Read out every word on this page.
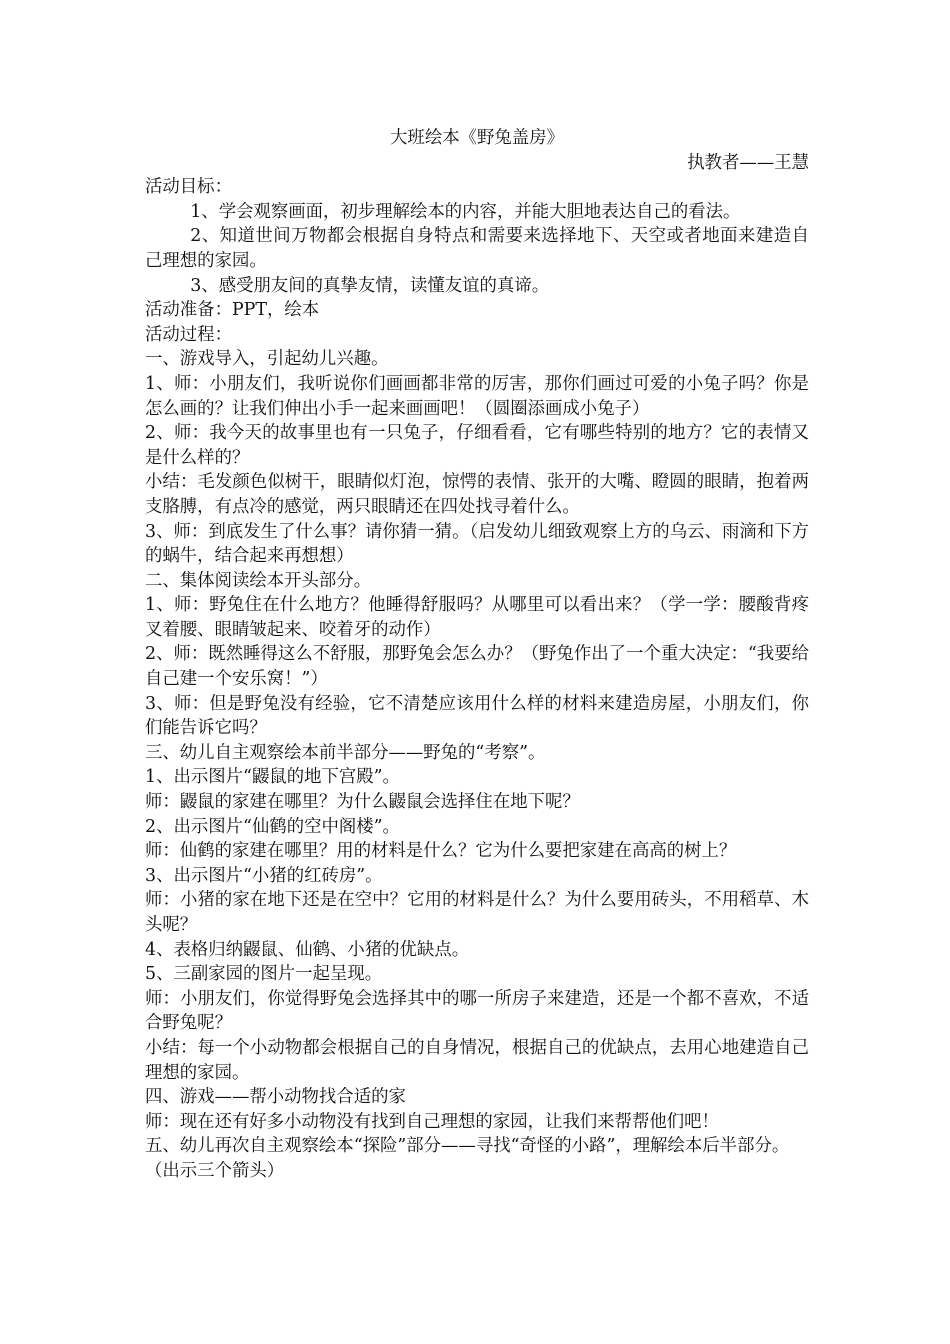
大班绘本《野兔盖房》
执教者——王慧
活动目标：
1、学会观察画面，初步理解绘本的内容，并能大胆地表达自己的看法。
2、知道世间万物都会根据自身特点和需要来选择地下、天空或者地面来建造自己理想的家园。
3、感受朋友间的真挚友情，读懂友谊的真谛。
活动准备：PPT，绘本
活动过程：
一、游戏导入，引起幼儿兴趣。
1、师：小朋友们，我听说你们画画都非常的厉害，那你们画过可爱的小兔子吗？你是怎么画的？让我们伸出小手一起来画画吧！（圆圈添画成小兔子）
2、师：我今天的故事里也有一只兔子，仔细看看，它有哪些特别的地方？它的表情又是什么样的？
小结：毛发颜色似树干，眼睛似灯泡，惊愕的表情、张开的大嘴、瞪圆的眼睛，抱着两支胳膊，有点冷的感觉，两只眼睛还在四处找寻着什么。
3、师：到底发生了什么事？请你猜一猜。（启发幼儿细致观察上方的乌云、雨滴和下方的蜗牛，结合起来再想想）
二、集体阅读绘本开头部分。
1、师：野兔住在什么地方？他睡得舒服吗？从哪里可以看出来？（学一学：腰酸背疼叉着腰、眼睛皱起来、咬着牙的动作）
2、师：既然睡得这么不舒服，那野兔会怎么办？（野兔作出了一个重大决定：“我要给自己建一个安乐窝！”）
3、师：但是野兔没有经验，它不清楚应该用什么样的材料来建造房屋，小朋友们，你们能告诉它吗？
三、幼儿自主观察绘本前半部分——野兔的“考察”。
1、出示图片“鼹鼠的地下宫殿”。
师：鼹鼠的家建在哪里？为什么鼹鼠会选择住在地下呢？
2、出示图片“仙鹤的空中阁楼”。
师：仙鹤的家建在哪里？用的材料是什么？它为什么要把家建在高高的树上？
3、出示图片“小猪的红砖房”。
师：小猪的家在地下还是在空中？它用的材料是什么？为什么要用砖头，不用稻草、木头呢？
4、表格归纳鼹鼠、仙鹤、小猪的优缺点。
5、三副家园的图片一起呈现。
师：小朋友们，你觉得野兔会选择其中的哪一所房子来建造，还是一个都不喜欢，不适合野兔呢？
小结：每一个小动物都会根据自己的自身情况，根据自己的优缺点，去用心地建造自己理想的家园。
四、游戏——帮小动物找合适的家
师：现在还有好多小动物没有找到自己理想的家园，让我们来帮帮他们吧！
五、幼儿再次自主观察绘本“探险”部分——寻找“奇怪的小路”，理解绘本后半部分。
（出示三个箭头）
